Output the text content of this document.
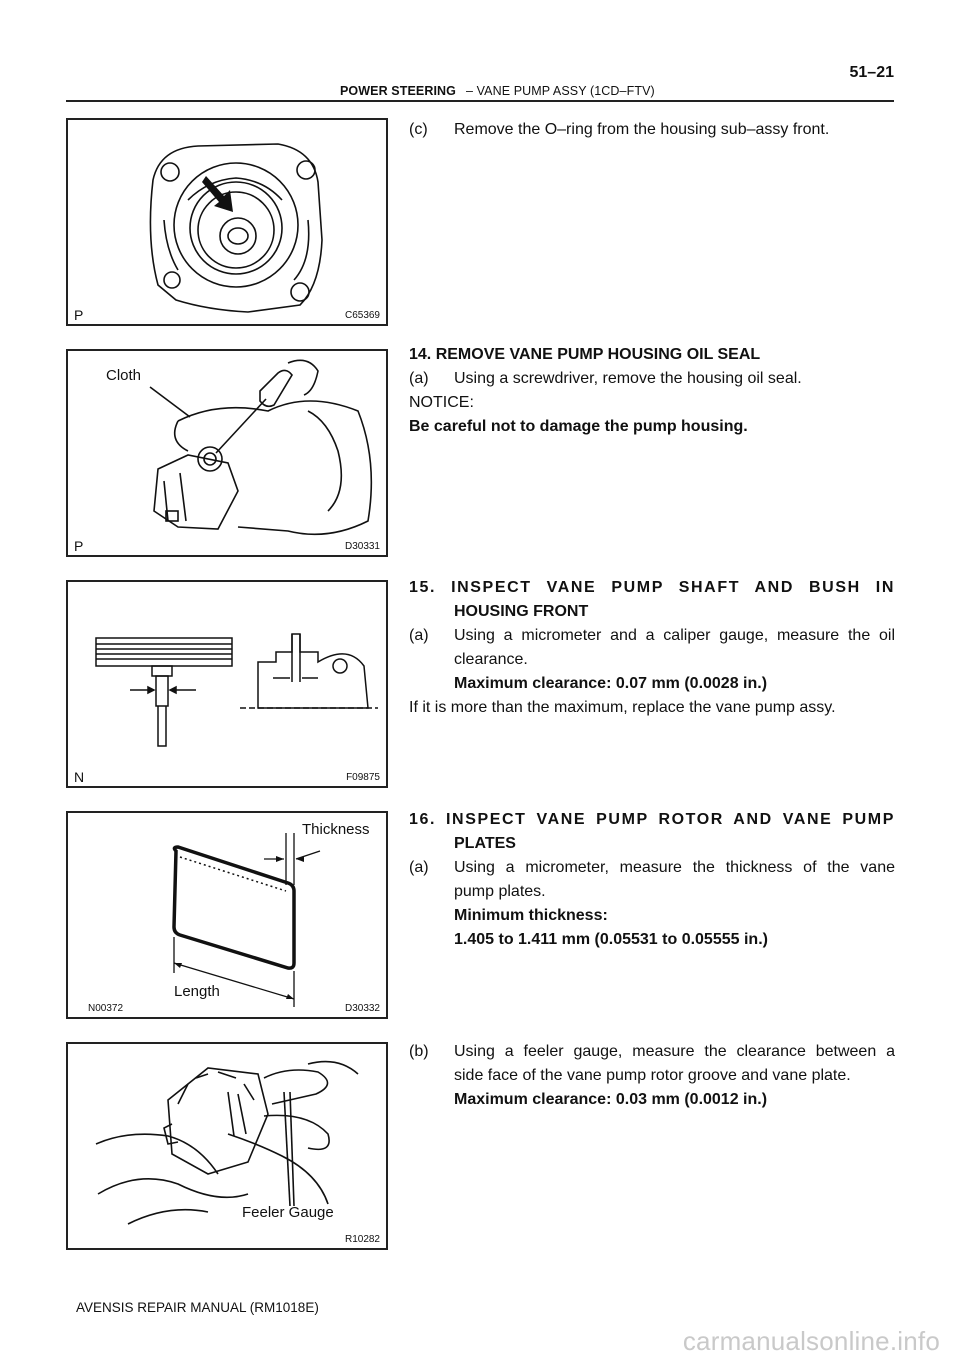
51–21
POWER STEERING – VANE PUMP ASSY (1CD–FTV)
P	C65369
Cloth
P	D30331
N	F09875
Thickness
Length
N00372	D30332
Feeler Gauge
R10282
(c)	Remove the O–ring from the housing sub–assy front.
14. REMOVE VANE PUMP HOUSING OIL SEAL
(a)	Using a screwdriver, remove the housing oil seal.
NOTICE:
Be careful not to damage the pump housing.
15. INSPECT VANE PUMP SHAFT AND BUSH IN
HOUSING FRONT
(a)	Using a micrometer and a caliper gauge, measure the oil
clearance.
Maximum clearance: 0.07 mm (0.0028 in.)
If it is more than the maximum, replace the vane pump assy.
16. INSPECT VANE PUMP ROTOR AND VANE PUMP
PLATES
(a)	Using a micrometer, measure the thickness of the vane
pump plates.
Minimum thickness:
1.405 to 1.411 mm (0.05531 to 0.05555 in.)
(b)	Using a feeler gauge, measure the clearance between a
side face of the vane pump rotor groove and vane plate.
Maximum clearance: 0.03 mm (0.0012 in.)
AVENSIS REPAIR MANUAL (RM1018E)
carmanualsonline.info
